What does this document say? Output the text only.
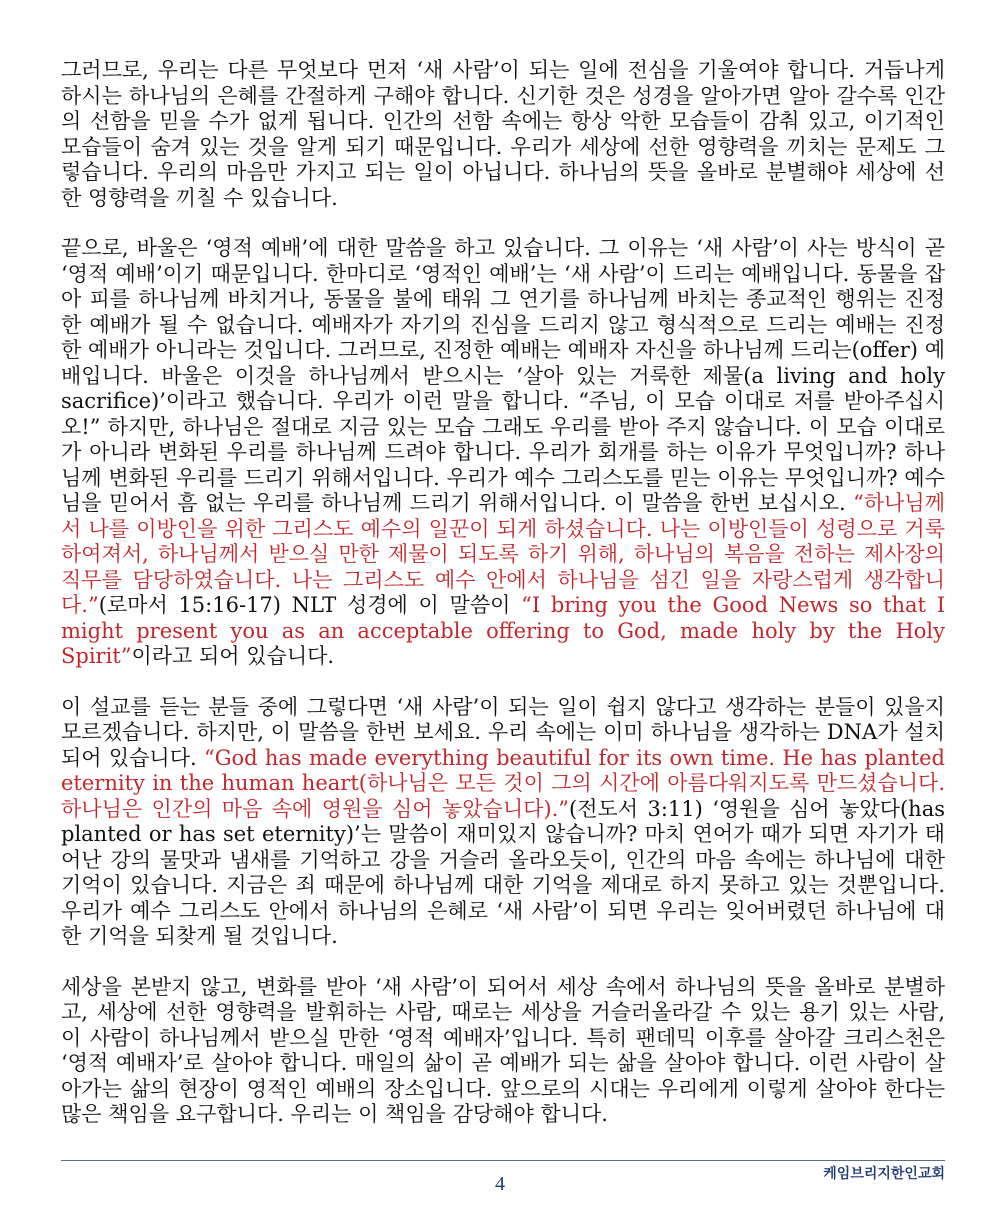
그러므로, 우리는 다른 무엇보다 먼저 ‘새 사람’이 되는 일에 전심을 기울여야 합니다. 거듭나게 하시는 하나님의 은혜를 간절하게 구해야 합니다. 신기한 것은 성경을 알아가면 알아 갈수록 인간의 선함을 믿을 수가 없게 됩니다. 인간의 선함 속에는 항상 악한 모습들이 감춰 있고, 이기적인 모습들이 숨겨 있는 것을 알게 되기 때문입니다. 우리가 세상에 선한 영향력을 끼치는 문제도 그렇습니다. 우리의 마음만 가지고 되는 일이 아닙니다. 하나님의 뜻을 올바로 분별해야 세상에 선한 영향력을 끼칠 수 있습니다.

끝으로, 바울은 ‘영적 예배’에 대한 말씀을 하고 있습니다. 그 이유는 ‘새 사람’이 사는 방식이 곧 ‘영적 예배’이기 때문입니다. 한마디로 ‘영적인 예배’는 ‘새 사람’이 드리는 예배입니다. 동물을 잡아 피를 하나님께 바치거나, 동물을 불에 태워 그 연기를 하나님께 바치는 종교적인 행위는 진정한 예배가 될 수 없습니다. 예배자가 자기의 진심을 드리지 않고 형식적으로 드리는 예배는 진정한 예배가 아니라는 것입니다. 그러므로, 진정한 예배는 예배자 자신을 하나님께 드리는(offer) 예배입니다. 바울은 이것을 하나님께서 받으시는 ‘살아 있는 거룩한 제물(a living and holy sacrifice)’이라고 했습니다. 우리가 이런 말을 합니다. “주님, 이 모습 이대로 저를 받아주십시오!” 하지만, 하나님은 절대로 지금 있는 모습 그래도 우리를 받아 주지 않습니다. 이 모습 이대로가 아니라 변화된 우리를 하나님께 드려야 합니다. 우리가 회개를 하는 이유가 무엇입니까? 하나님께 변화된 우리를 드리기 위해서입니다. 우리가 예수 그리스도를 믿는 이유는 무엇입니까? 예수님을 믿어서 흠 없는 우리를 하나님께 드리기 위해서입니다. 이 말씀을 한번 보십시오. “하나님께서 나를 이방인을 위한 그리스도 예수의 일꾼이 되게 하셨습니다. 나는 이방인들이 성령으로 거룩하여져서, 하나님께서 받으실 만한 제물이 되도록 하기 위해, 하나님의 복음을 전하는 제사장의 직무를 담당하였습니다. 나는 그리스도 예수 안에서 하나님을 섬긴 일을 자랑스럽게 생각합니다.”(로마서 15:16-17) NLT 성경에 이 말씀이 “I bring you the Good News so that I might present you as an acceptable offering to God, made holy by the Holy Spirit”이라고 되어 있습니다.

이 설교를 듣는 분들 중에 그렇다면 ‘새 사람’이 되는 일이 쉽지 않다고 생각하는 분들이 있을지 모르겠습니다. 하지만, 이 말씀을 한번 보세요. 우리 속에는 이미 하나님을 생각하는 DNA가 설치되어 있습니다. “God has made everything beautiful for its own time. He has planted eternity in the human heart(하나님은 모든 것이 그의 시간에 아름다워지도록 만드셨습니다. 하나님은 인간의 마음 속에 영원을 심어 놓았습니다).”(전도서 3:11) ‘영원을 심어 놓았다(has planted or has set eternity)’는 말씀이 재미있지 않습니까? 마치 연어가 때가 되면 자기가 태어난 강의 물맛과 냄새를 기억하고 강을 거슬러 올라오듯이, 인간의 마음 속에는 하나님에 대한 기억이 있습니다. 지금은 죄 때문에 하나님께 대한 기억을 제대로 하지 못하고 있는 것뿐입니다. 우리가 예수 그리스도 안에서 하나님의 은혜로 ‘새 사람’이 되면 우리는 잊어버렸던 하나님에 대한 기억을 되찾게 될 것입니다.

세상을 본받지 않고, 변화를 받아 ‘새 사람’이 되어서 세상 속에서 하나님의 뜻을 올바로 분별하고, 세상에 선한 영향력을 발휘하는 사람, 때로는 세상을 거슬러올라갈 수 있는 용기 있는 사람, 이 사람이 하나님께서 받으실 만한 ‘영적 예배자’입니다. 특히 팬데믹 이후를 살아갈 크리스천은 ‘영적 예배자’로 살아야 합니다. 매일의 삶이 곧 예배가 되는 삶을 살아야 합니다. 이런 사람이 살아가는 삶의 현장이 영적인 예배의 장소입니다. 앞으로의 시대는 우리에게 이렇게 살아야 한다는 많은 책임을 요구합니다. 우리는 이 책임을 감당해야 합니다.

케임브리지한인교회
4
